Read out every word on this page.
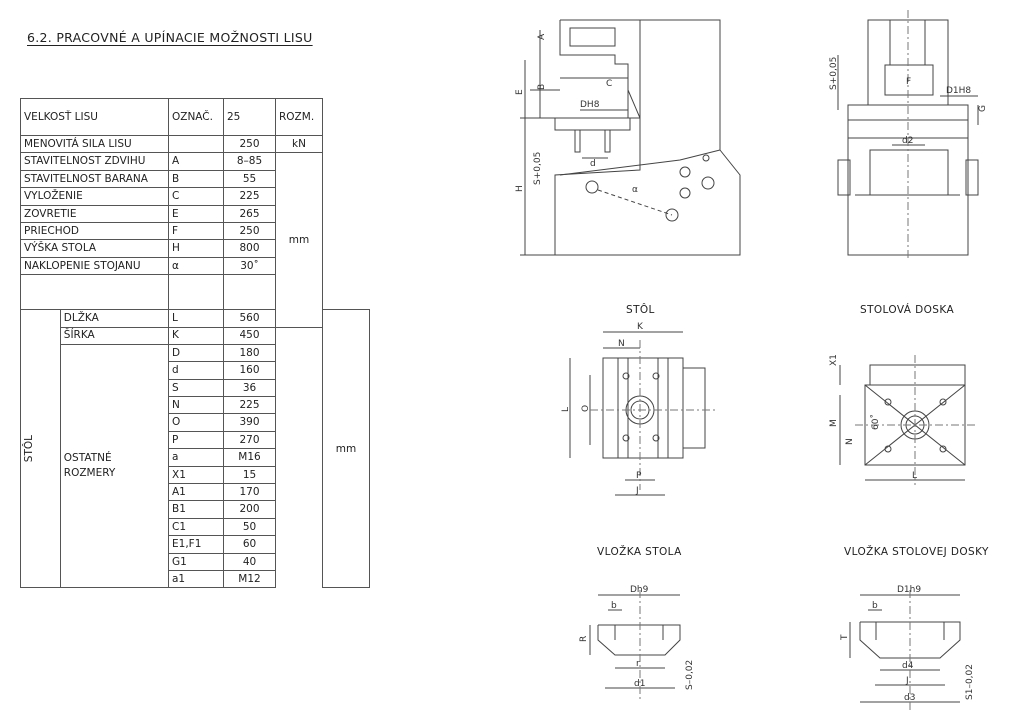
6.2. PRACOVNÉ A UPÍNACIE MOŽNOSTI LISU
VELKOSŤ LISU		OZNAČ.	25	ROZM.	
MENOVITÁ SILA LISU			250	kN	
STAVITELNOST ZDVIHU		A	8–85	mm	
STAVITELNOST BARANA		B	55		
VYLOŽENIE		C	225		
ZOVRETIE		E	265		
PRIECHOD		F	250		
VÝŠKA STOLA		H	800		
NAKLOPENIE STOJANU		α	30˚		

STÔL	DLŽKA	L	560		mm
	ŠÍRKA	K	450		
	OSTATNÉ ROZMERY	D	180		
		d	160		
		S	36		
		N	225		
		O	390		
		P	270		
		a	M16		
		X1	15		
		A1	170		
		B1	200		
		C1	50		
		E1,F1	60		
		G1	40		
		a1	M12		
STÔL	STOLOVÁ DOSKA
VLOŽKA STOLA	VLOŽKA STOLOVEJ DOSKY
A
E
B	C
DH8
d
S+0,05
H	α
S+0,05	F
D1H8
G
d2
K
N
L O
P
J
X1
M
N
60˚
L
Dh9
b
R
r
d1	S–0,02
D1h9
b
T
d4
J
d3	S1–0,02
